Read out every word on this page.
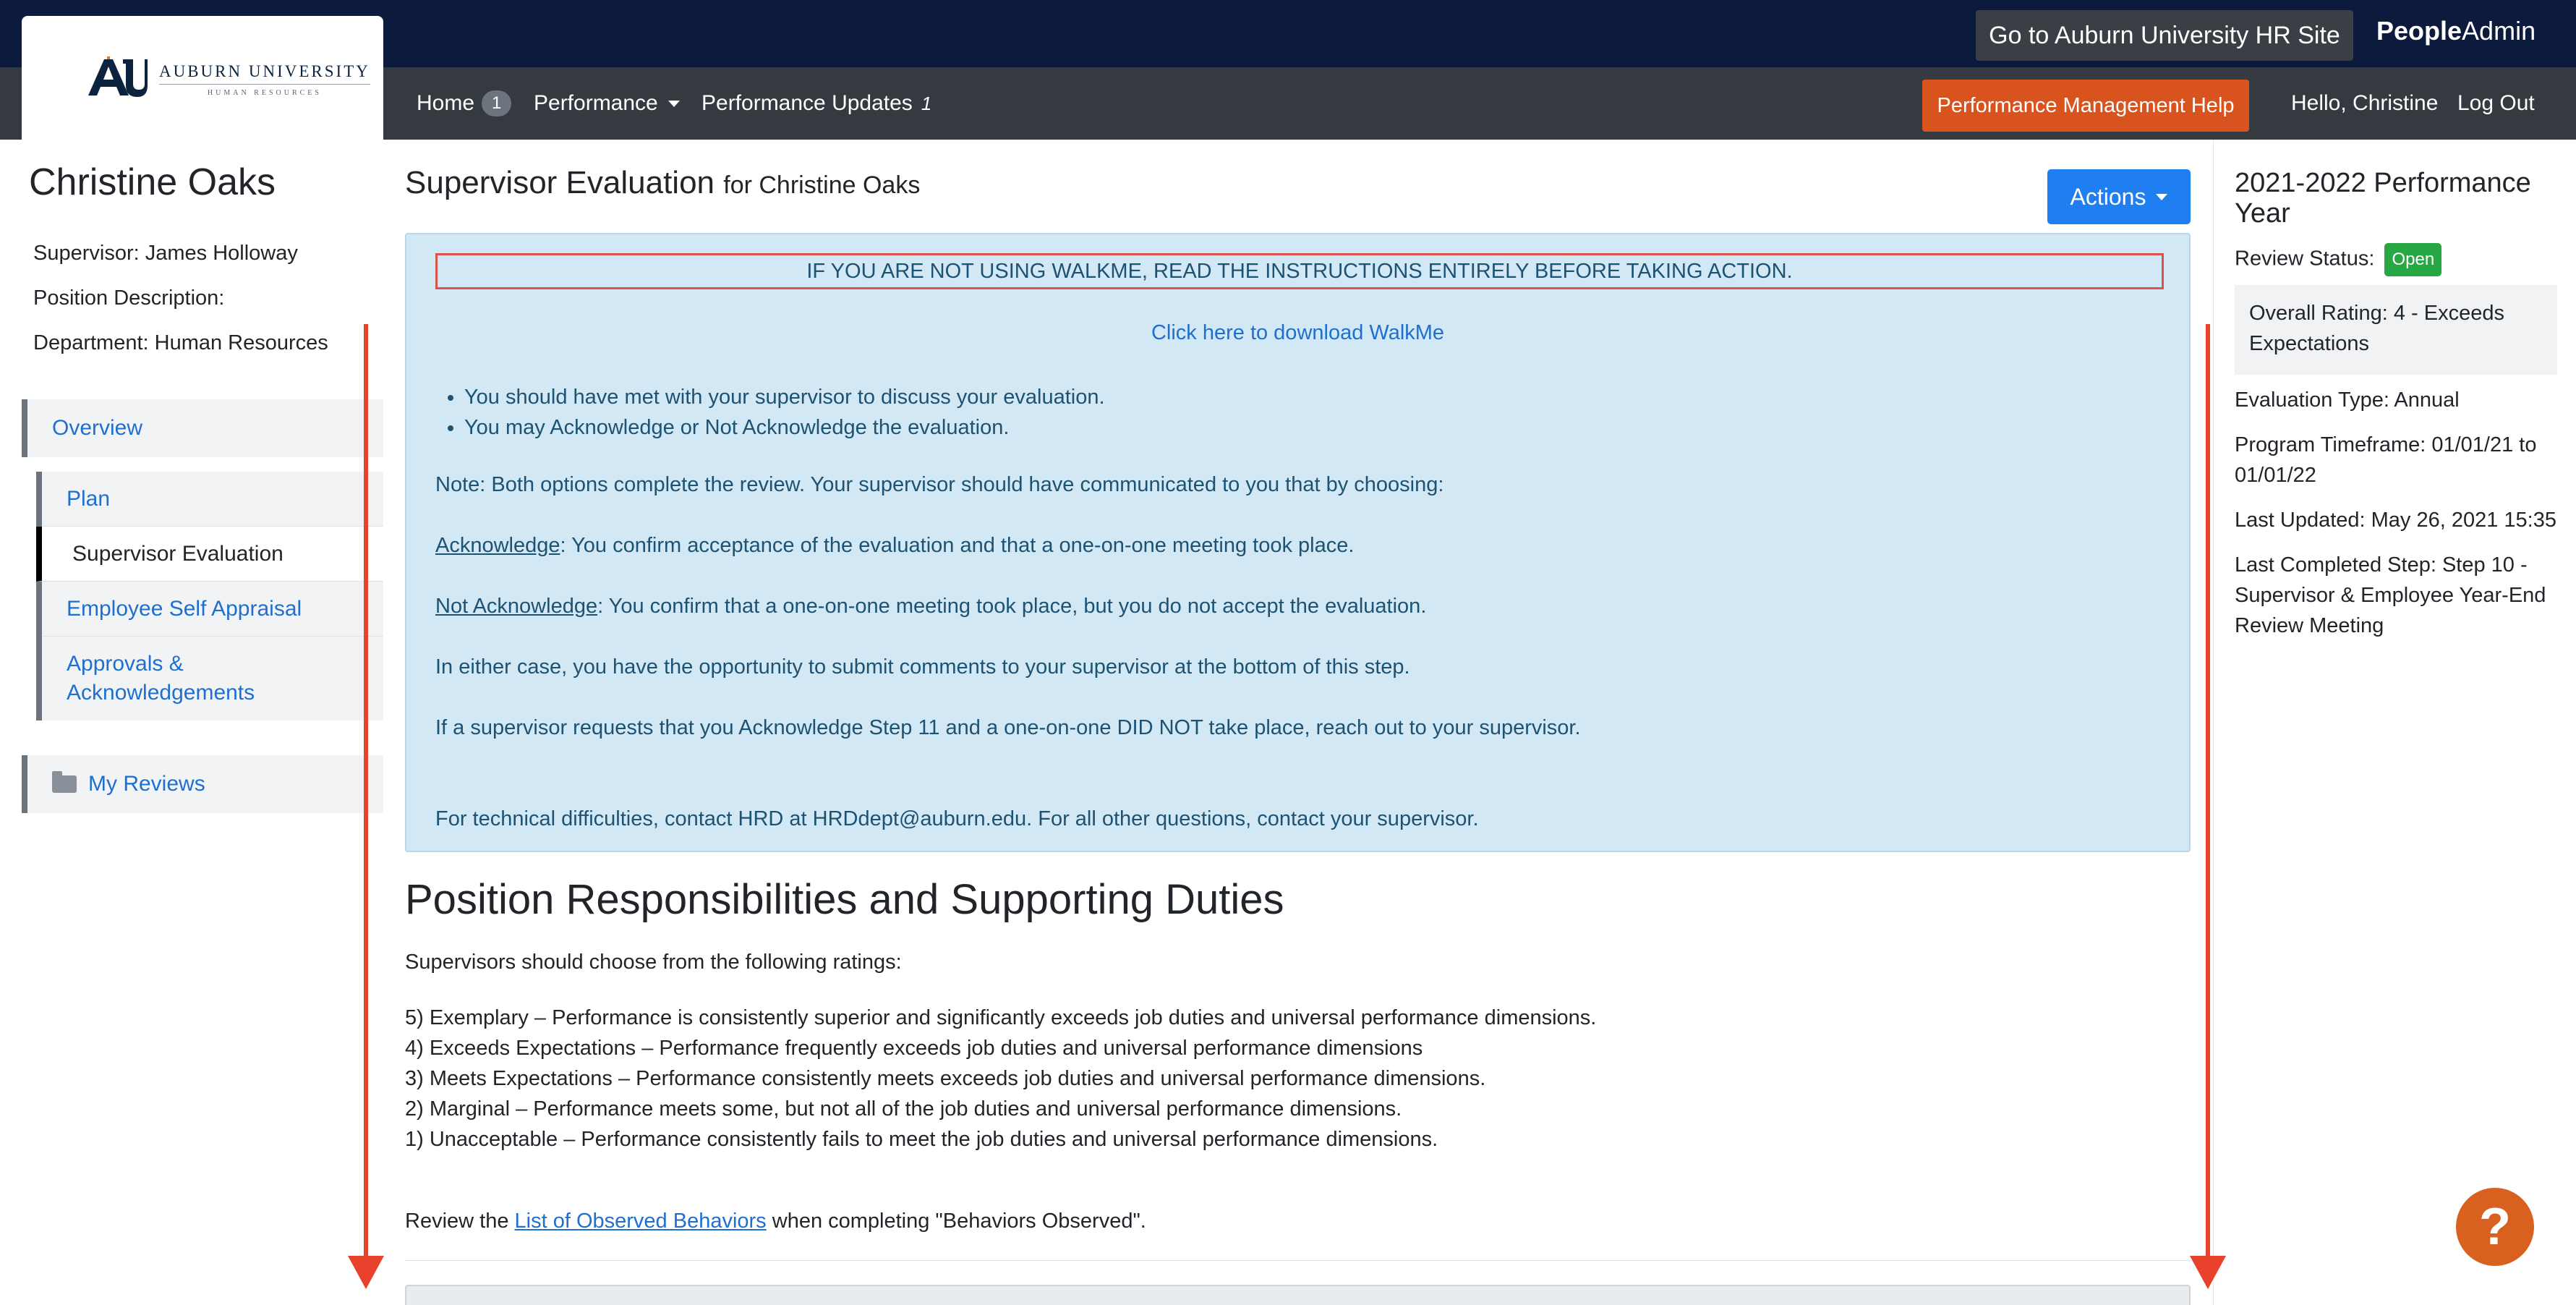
Go to Auburn University HR Site	PeopleAdmin
AUBURN UNIVERSITY
HUMAN RESOURCES	Home	1	Performance Performance Updates 1	Performance Management Help	Hello, Christine Log Out
Christine Oaks
Supervisor: James Holloway
Position Description:
Department: Human Resources
Overview
Plan
Supervisor Evaluation
Employee Self Appraisal
Approvals & Acknowledgements
My Reviews
Supervisor Evaluation for Christine Oaks	Actions
IF YOU ARE NOT USING WALKME, READ THE INSTRUCTIONS ENTIRELY BEFORE TAKING ACTION.
Click here to download WalkMe
• You should have met with your supervisor to discuss your evaluation.
• You may Acknowledge or Not Acknowledge the evaluation.
Note: Both options complete the review. Your supervisor should have communicated to you that by choosing:
Acknowledge: You confirm acceptance of the evaluation and that a one-on-one meeting took place.
Not Acknowledge: You confirm that a one-on-one meeting took place, but you do not accept the evaluation.
In either case, you have the opportunity to submit comments to your supervisor at the bottom of this step.
If a supervisor requests that you Acknowledge Step 11 and a one-on-one DID NOT take place, reach out to your supervisor.
For technical difficulties, contact HRD at HRDdept@auburn.edu. For all other questions, contact your supervisor.
Position Responsibilities and Supporting Duties
Supervisors should choose from the following ratings:
5) Exemplary – Performance is consistently superior and significantly exceeds job duties and universal performance dimensions.
4) Exceeds Expectations – Performance frequently exceeds job duties and universal performance dimensions
3) Meets Expectations – Performance consistently meets exceeds job duties and universal performance dimensions.
2) Marginal – Performance meets some, but not all of the job duties and universal performance dimensions.
1) Unacceptable – Performance consistently fails to meet the job duties and universal performance dimensions.
Review the List of Observed Behaviors when completing "Behaviors Observed".
2021-2022 Performance Year
Review Status: Open
Overall Rating: 4 - Exceeds Expectations
Evaluation Type: Annual
Program Timeframe: 01/01/21 to 01/01/22
Last Updated: May 26, 2021 15:35
Last Completed Step: Step 10 - Supervisor & Employee Year-End Review Meeting
?
